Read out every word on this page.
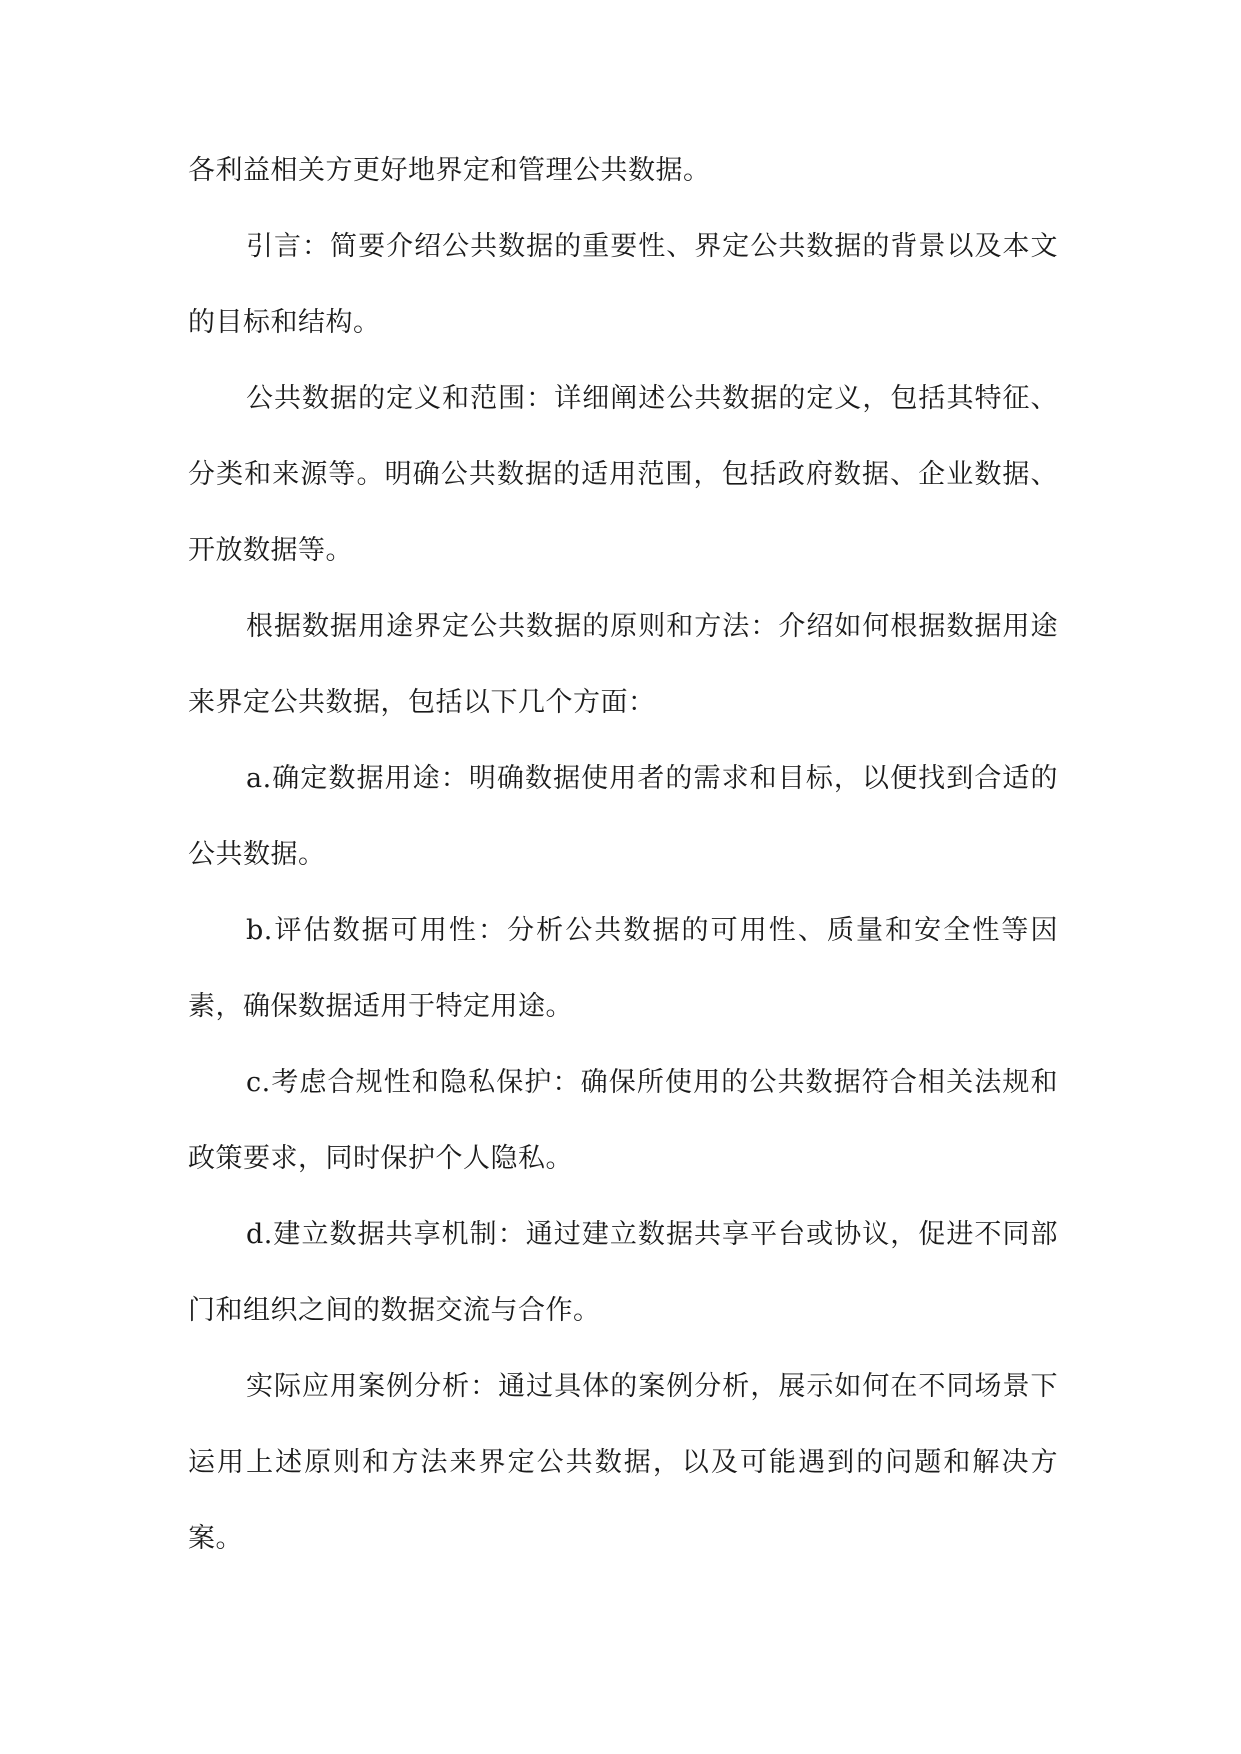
各利益相关方更好地界定和管理公共数据。

引言：简要介绍公共数据的重要性、界定公共数据的背景以及本文的目标和结构。

公共数据的定义和范围：详细阐述公共数据的定义，包括其特征、分类和来源等。明确公共数据的适用范围，包括政府数据、企业数据、开放数据等。

根据数据用途界定公共数据的原则和方法：介绍如何根据数据用途来界定公共数据，包括以下几个方面：

a.确定数据用途：明确数据使用者的需求和目标，以便找到合适的公共数据。

b.评估数据可用性：分析公共数据的可用性、质量和安全性等因素，确保数据适用于特定用途。

c.考虑合规性和隐私保护：确保所使用的公共数据符合相关法规和政策要求，同时保护个人隐私。

d.建立数据共享机制：通过建立数据共享平台或协议，促进不同部门和组织之间的数据交流与合作。

实际应用案例分析：通过具体的案例分析，展示如何在不同场景下运用上述原则和方法来界定公共数据，以及可能遇到的问题和解决方案。
